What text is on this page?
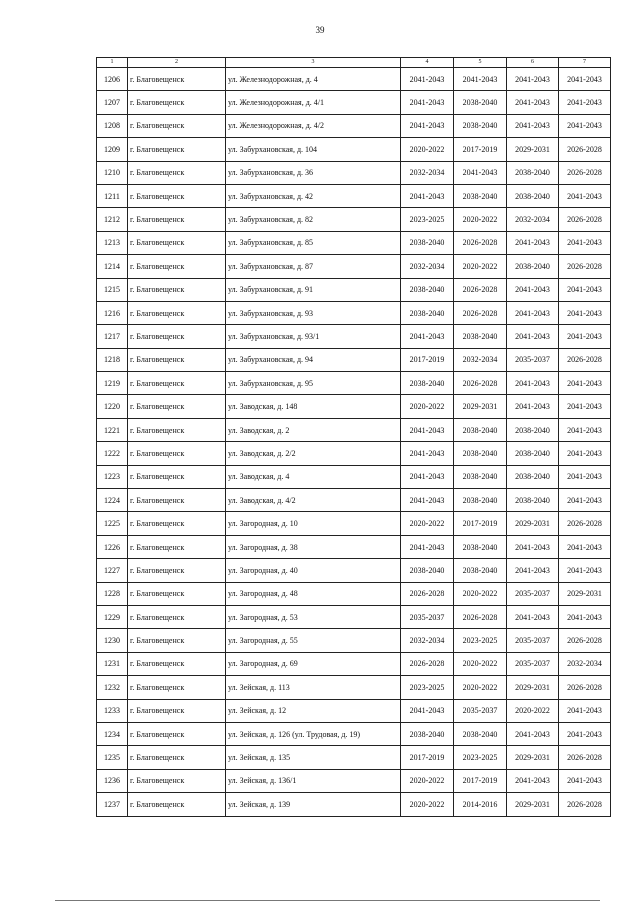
39
1	2	3	4	5	6	7
1206	г. Благовещенск	ул. Железнодорожная, д. 4	2041-2043	2041-2043	2041-2043	2041-2043
1207	г. Благовещенск	ул. Железнодорожная, д. 4/1	2041-2043	2038-2040	2041-2043	2041-2043
1208	г. Благовещенск	ул. Железнодорожная, д. 4/2	2041-2043	2038-2040	2041-2043	2041-2043
1209	г. Благовещенск	ул. Забурхановская, д. 104	2020-2022	2017-2019	2029-2031	2026-2028
1210	г. Благовещенск	ул. Забурхановская, д. 36	2032-2034	2041-2043	2038-2040	2026-2028
1211	г. Благовещенск	ул. Забурхановская, д. 42	2041-2043	2038-2040	2038-2040	2041-2043
1212	г. Благовещенск	ул. Забурхановская, д. 82	2023-2025	2020-2022	2032-2034	2026-2028
1213	г. Благовещенск	ул. Забурхановская, д. 85	2038-2040	2026-2028	2041-2043	2041-2043
1214	г. Благовещенск	ул. Забурхановская, д. 87	2032-2034	2020-2022	2038-2040	2026-2028
1215	г. Благовещенск	ул. Забурхановская, д. 91	2038-2040	2026-2028	2041-2043	2041-2043
1216	г. Благовещенск	ул. Забурхановская, д. 93	2038-2040	2026-2028	2041-2043	2041-2043
1217	г. Благовещенск	ул. Забурхановская, д. 93/1	2041-2043	2038-2040	2041-2043	2041-2043
1218	г. Благовещенск	ул. Забурхановская, д. 94	2017-2019	2032-2034	2035-2037	2026-2028
1219	г. Благовещенск	ул. Забурхановская, д. 95	2038-2040	2026-2028	2041-2043	2041-2043
1220	г. Благовещенск	ул. Заводская, д. 148	2020-2022	2029-2031	2041-2043	2041-2043
1221	г. Благовещенск	ул. Заводская, д. 2	2041-2043	2038-2040	2038-2040	2041-2043
1222	г. Благовещенск	ул. Заводская, д. 2/2	2041-2043	2038-2040	2038-2040	2041-2043
1223	г. Благовещенск	ул. Заводская, д. 4	2041-2043	2038-2040	2038-2040	2041-2043
1224	г. Благовещенск	ул. Заводская, д. 4/2	2041-2043	2038-2040	2038-2040	2041-2043
1225	г. Благовещенск	ул. Загородная, д. 10	2020-2022	2017-2019	2029-2031	2026-2028
1226	г. Благовещенск	ул. Загородная, д. 38	2041-2043	2038-2040	2041-2043	2041-2043
1227	г. Благовещенск	ул. Загородная, д. 40	2038-2040	2038-2040	2041-2043	2041-2043
1228	г. Благовещенск	ул. Загородная, д. 48	2026-2028	2020-2022	2035-2037	2029-2031
1229	г. Благовещенск	ул. Загородная, д. 53	2035-2037	2026-2028	2041-2043	2041-2043
1230	г. Благовещенск	ул. Загородная, д. 55	2032-2034	2023-2025	2035-2037	2026-2028
1231	г. Благовещенск	ул. Загородная, д. 69	2026-2028	2020-2022	2035-2037	2032-2034
1232	г. Благовещенск	ул. Зейская, д. 113	2023-2025	2020-2022	2029-2031	2026-2028
1233	г. Благовещенск	ул. Зейская, д. 12	2041-2043	2035-2037	2020-2022	2041-2043
1234	г. Благовещенск	ул. Зейская, д. 126 (ул. Трудовая, д. 19)	2038-2040	2038-2040	2041-2043	2041-2043
1235	г. Благовещенск	ул. Зейская, д. 135	2017-2019	2023-2025	2029-2031	2026-2028
1236	г. Благовещенск	ул. Зейская, д. 136/1	2020-2022	2017-2019	2041-2043	2041-2043
1237	г. Благовещенск	ул. Зейская, д. 139	2020-2022	2014-2016	2029-2031	2026-2028
